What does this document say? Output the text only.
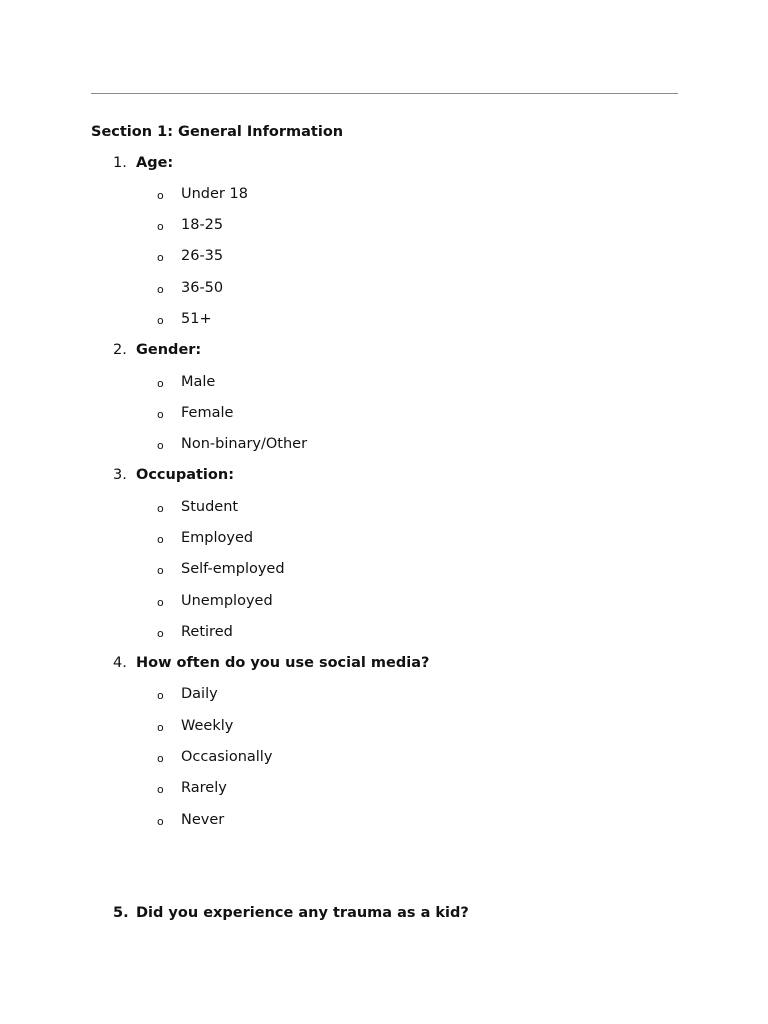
Section 1: General Information
1. Age:
o Under 18
o 18-25
o 26-35
o 36-50
o 51+
2. Gender:
o Male
o Female
o Non-binary/Other
3. Occupation:
o Student
o Employed
o Self-employed
o Unemployed
o Retired
4. How often do you use social media?
o Daily
o Weekly
o Occasionally
o Rarely
o Never
5. Did you experience any trauma as a kid?
